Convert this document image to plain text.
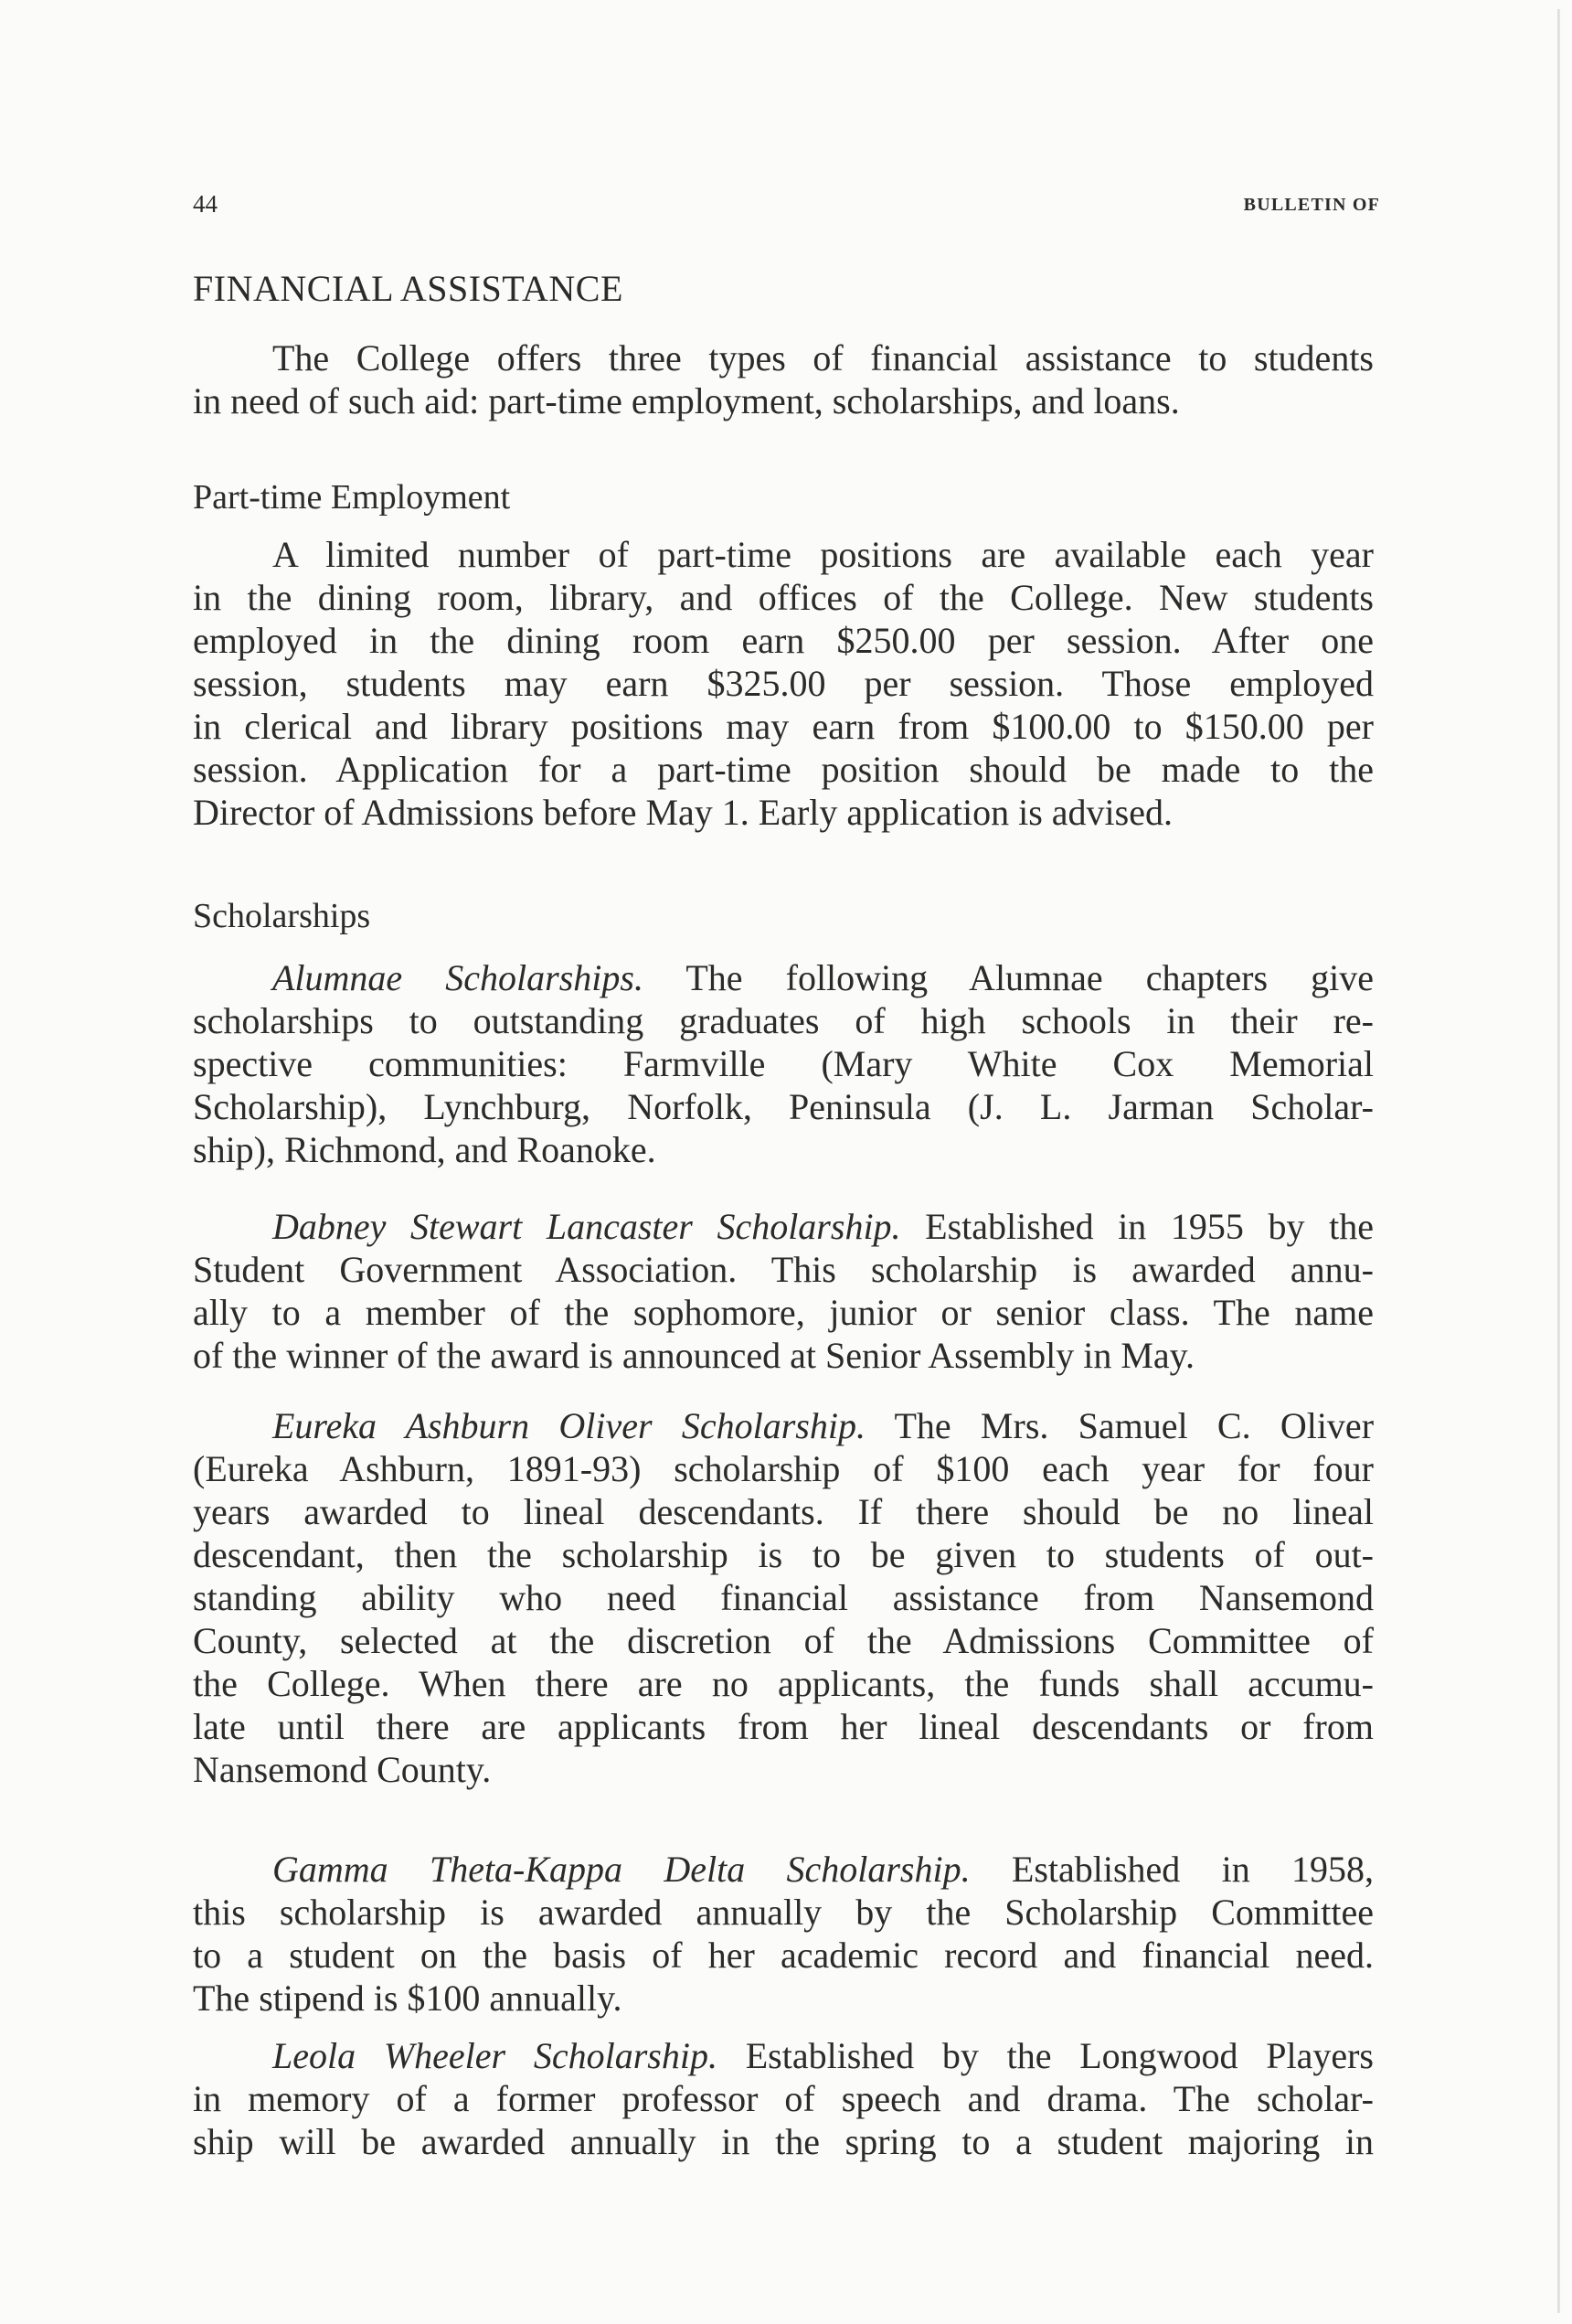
44	BULLETIN OF
FINANCIAL ASSISTANCE
The College offers three types of financial assistance to students
in need of such aid: part-time employment, scholarships, and loans.
Part-time Employment
A limited number of part-time positions are available each year
in the dining room, library, and offices of the College. New students
employed in the dining room earn $250.00 per session. After one
session, students may earn $325.00 per session. Those employed
in clerical and library positions may earn from $100.00 to $150.00 per
session. Application for a part-time position should be made to the
Director of Admissions before May 1. Early application is advised.
Scholarships
Alumnae Scholarships. The following Alumnae chapters give
scholarships to outstanding graduates of high schools in their re-
spective communities: Farmville (Mary White Cox Memorial
Scholarship), Lynchburg, Norfolk, Peninsula (J. L. Jarman Scholar-
ship), Richmond, and Roanoke.
Dabney Stewart Lancaster Scholarship. Established in 1955 by the
Student Government Association. This scholarship is awarded annu-
ally to a member of the sophomore, junior or senior class. The name
of the winner of the award is announced at Senior Assembly in May.
Eureka Ashburn Oliver Scholarship. The Mrs. Samuel C. Oliver
(Eureka Ashburn, 1891-93) scholarship of $100 each year for four
years awarded to lineal descendants. If there should be no lineal
descendant, then the scholarship is to be given to students of out-
standing ability who need financial assistance from Nansemond
County, selected at the discretion of the Admissions Committee of
the College. When there are no applicants, the funds shall accumu-
late until there are applicants from her lineal descendants or from
Nansemond County.
Gamma Theta-Kappa Delta Scholarship. Established in 1958,
this scholarship is awarded annually by the Scholarship Committee
to a student on the basis of her academic record and financial need.
The stipend is $100 annually.
Leola Wheeler Scholarship. Established by the Longwood Players
in memory of a former professor of speech and drama. The scholar-
ship will be awarded annually in the spring to a student majoring in
